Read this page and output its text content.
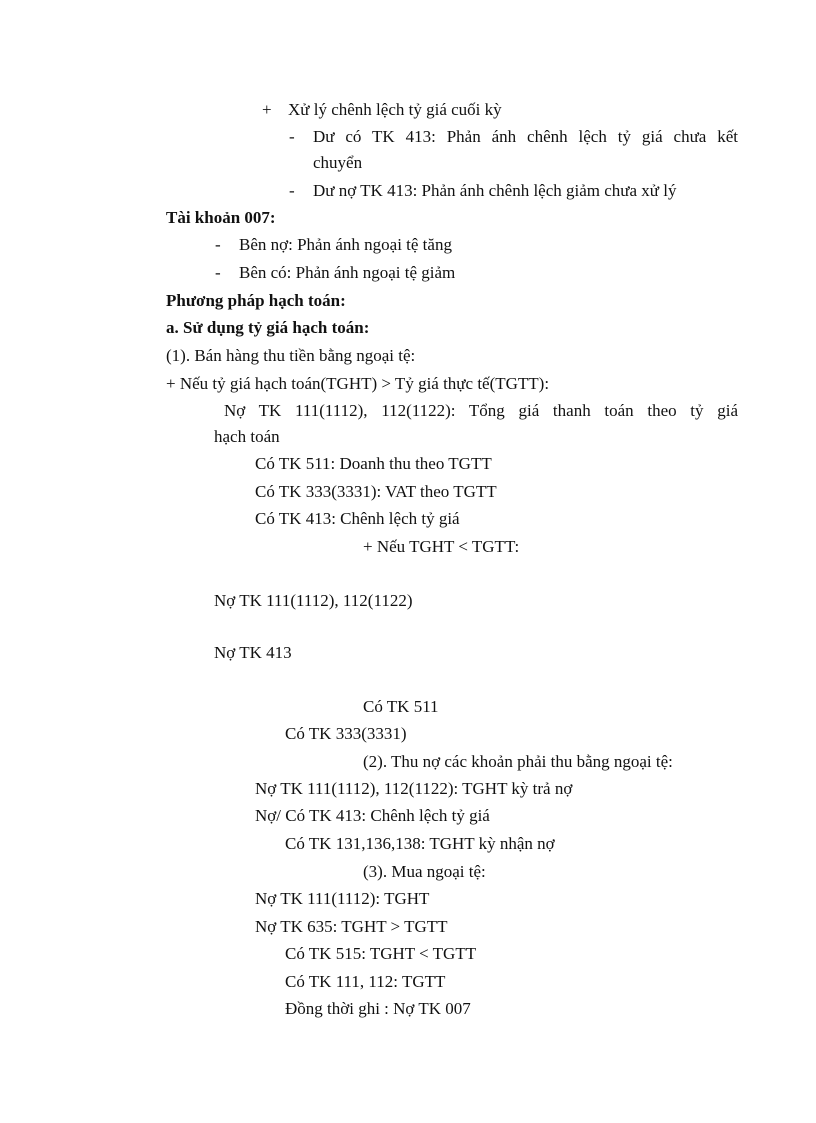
+ Xử lý chênh lệch tỷ giá cuối kỳ
- Dư có TK 413: Phản ánh chênh lệch tỷ giá chưa kết
chuyển
- Dư nợ TK 413: Phản ánh chênh lệch giảm chưa xử lý
Tài khoản 007:
- Bên nợ: Phản ánh ngoại tệ tăng
- Bên có: Phản ánh ngoại tệ giảm
Phương pháp hạch toán:
a. Sử dụng tỷ giá hạch toán:
(1). Bán hàng thu tiền bằng ngoại tệ:
+ Nếu tỷ giá hạch toán(TGHT) > Tỷ giá thực tế(TGTT):
Nợ TK 111(1112), 112(1122): Tổng giá thanh toán theo tỷ giá
hạch toán
Có TK 511: Doanh thu theo TGTT
Có TK 333(3331): VAT theo TGTT
Có TK 413: Chênh lệch tỷ giá
+ Nếu TGHT < TGTT:
Nợ TK 111(1112), 112(1122)
Nợ TK 413
Có TK 511
Có TK 333(3331)
(2). Thu nợ các khoản phải thu bằng ngoại tệ:
Nợ TK 111(1112), 112(1122): TGHT kỳ trả nợ
Nợ/ Có TK 413: Chênh lệch tỷ giá
Có TK 131,136,138: TGHT kỳ nhận nợ
(3). Mua ngoại tệ:
Nợ TK 111(1112): TGHT
Nợ TK 635: TGHT > TGTT
Có TK 515: TGHT < TGTT
Có TK 111, 112: TGTT
Đồng thời ghi : Nợ TK 007
